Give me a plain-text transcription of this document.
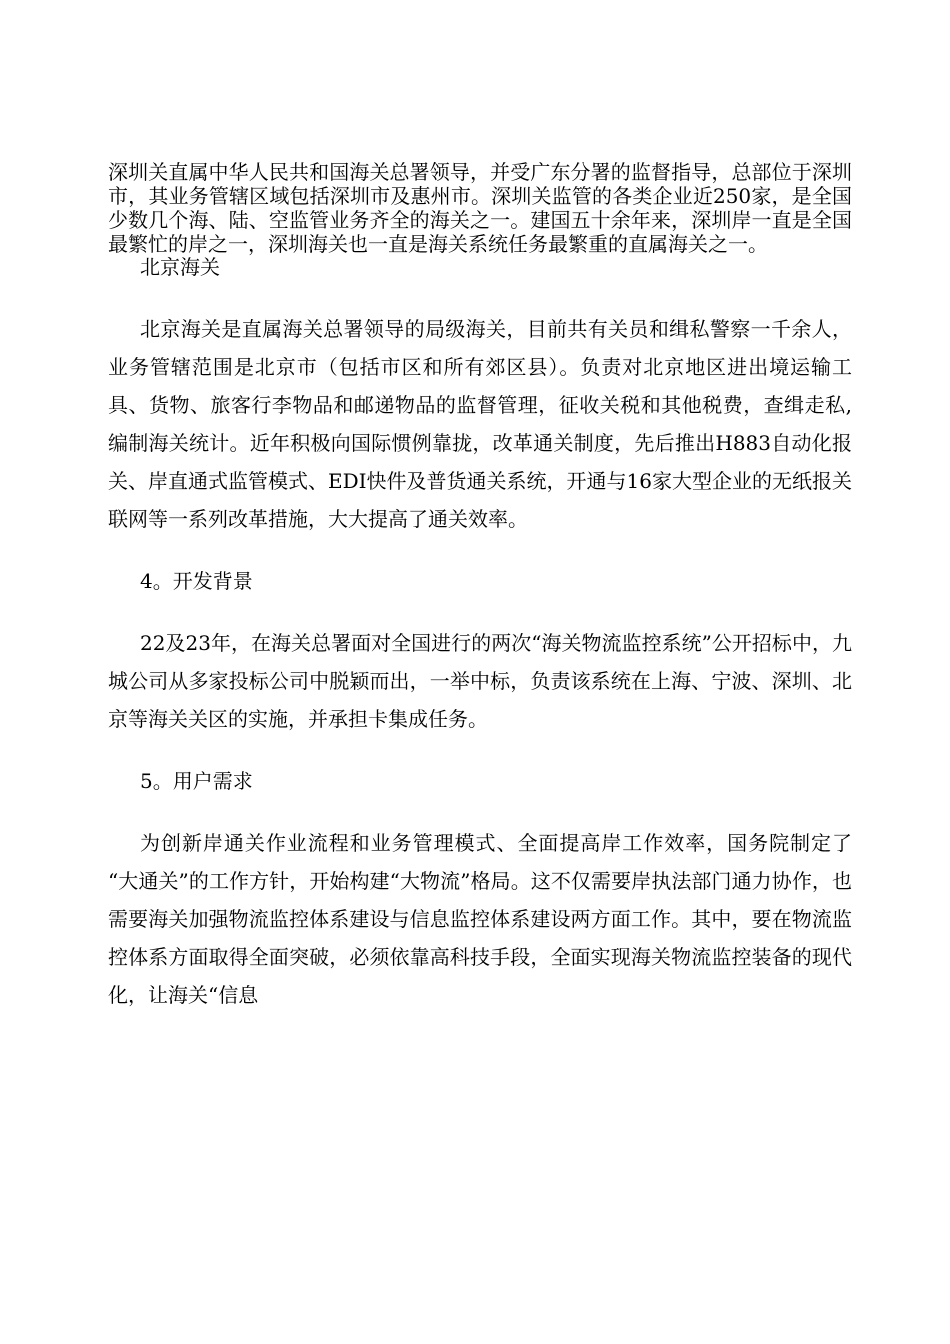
深圳关直属中华人民共和国海关总署领导，并受广东分署的监督指导，总部位于深圳市，其业务管辖区域包括深圳市及惠州市。深圳关监管的各类企业近250家，是全国少数几个海、陆、空监管业务齐全的海关之一。建国五十余年来，深圳岸一直是全国最繁忙的岸之一，深圳海关也一直是海关系统任务最繁重的直属海关之一。

北京海关

北京海关是直属海关总署领导的局级海关，目前共有关员和缉私警察一千余人，业务管辖范围是北京市（包括市区和所有郊区县）。负责对北京地区进出境运输工具、货物、旅客行李物品和邮递物品的监督管理，征收关税和其他税费，查缉走私,编制海关统计。近年积极向国际惯例靠拢，改革通关制度，先后推出H883自动化报关、岸直通式监管模式、EDI快件及普货通关系统，开通与16家大型企业的无纸报关联网等一系列改革措施，大大提高了通关效率。

4。开发背景

22及23年，在海关总署面对全国进行的两次“海关物流监控系统”公开招标中，九城公司从多家投标公司中脱颖而出，一举中标，负责该系统在上海、宁波、深圳、北京等海关关区的实施，并承担卡集成任务。

5。用户需求

为创新岸通关作业流程和业务管理模式、全面提高岸工作效率，国务院制定了 “大通关”的工作方针，开始构建“大物流”格局。这不仅需要岸执法部门通力协作，也需要海关加强物流监控体系建设与信息监控体系建设两方面工作。其中，要在物流监控体系方面取得全面突破，必须依靠高科技手段，全面实现海关物流监控装备的现代化，让海关“信息
